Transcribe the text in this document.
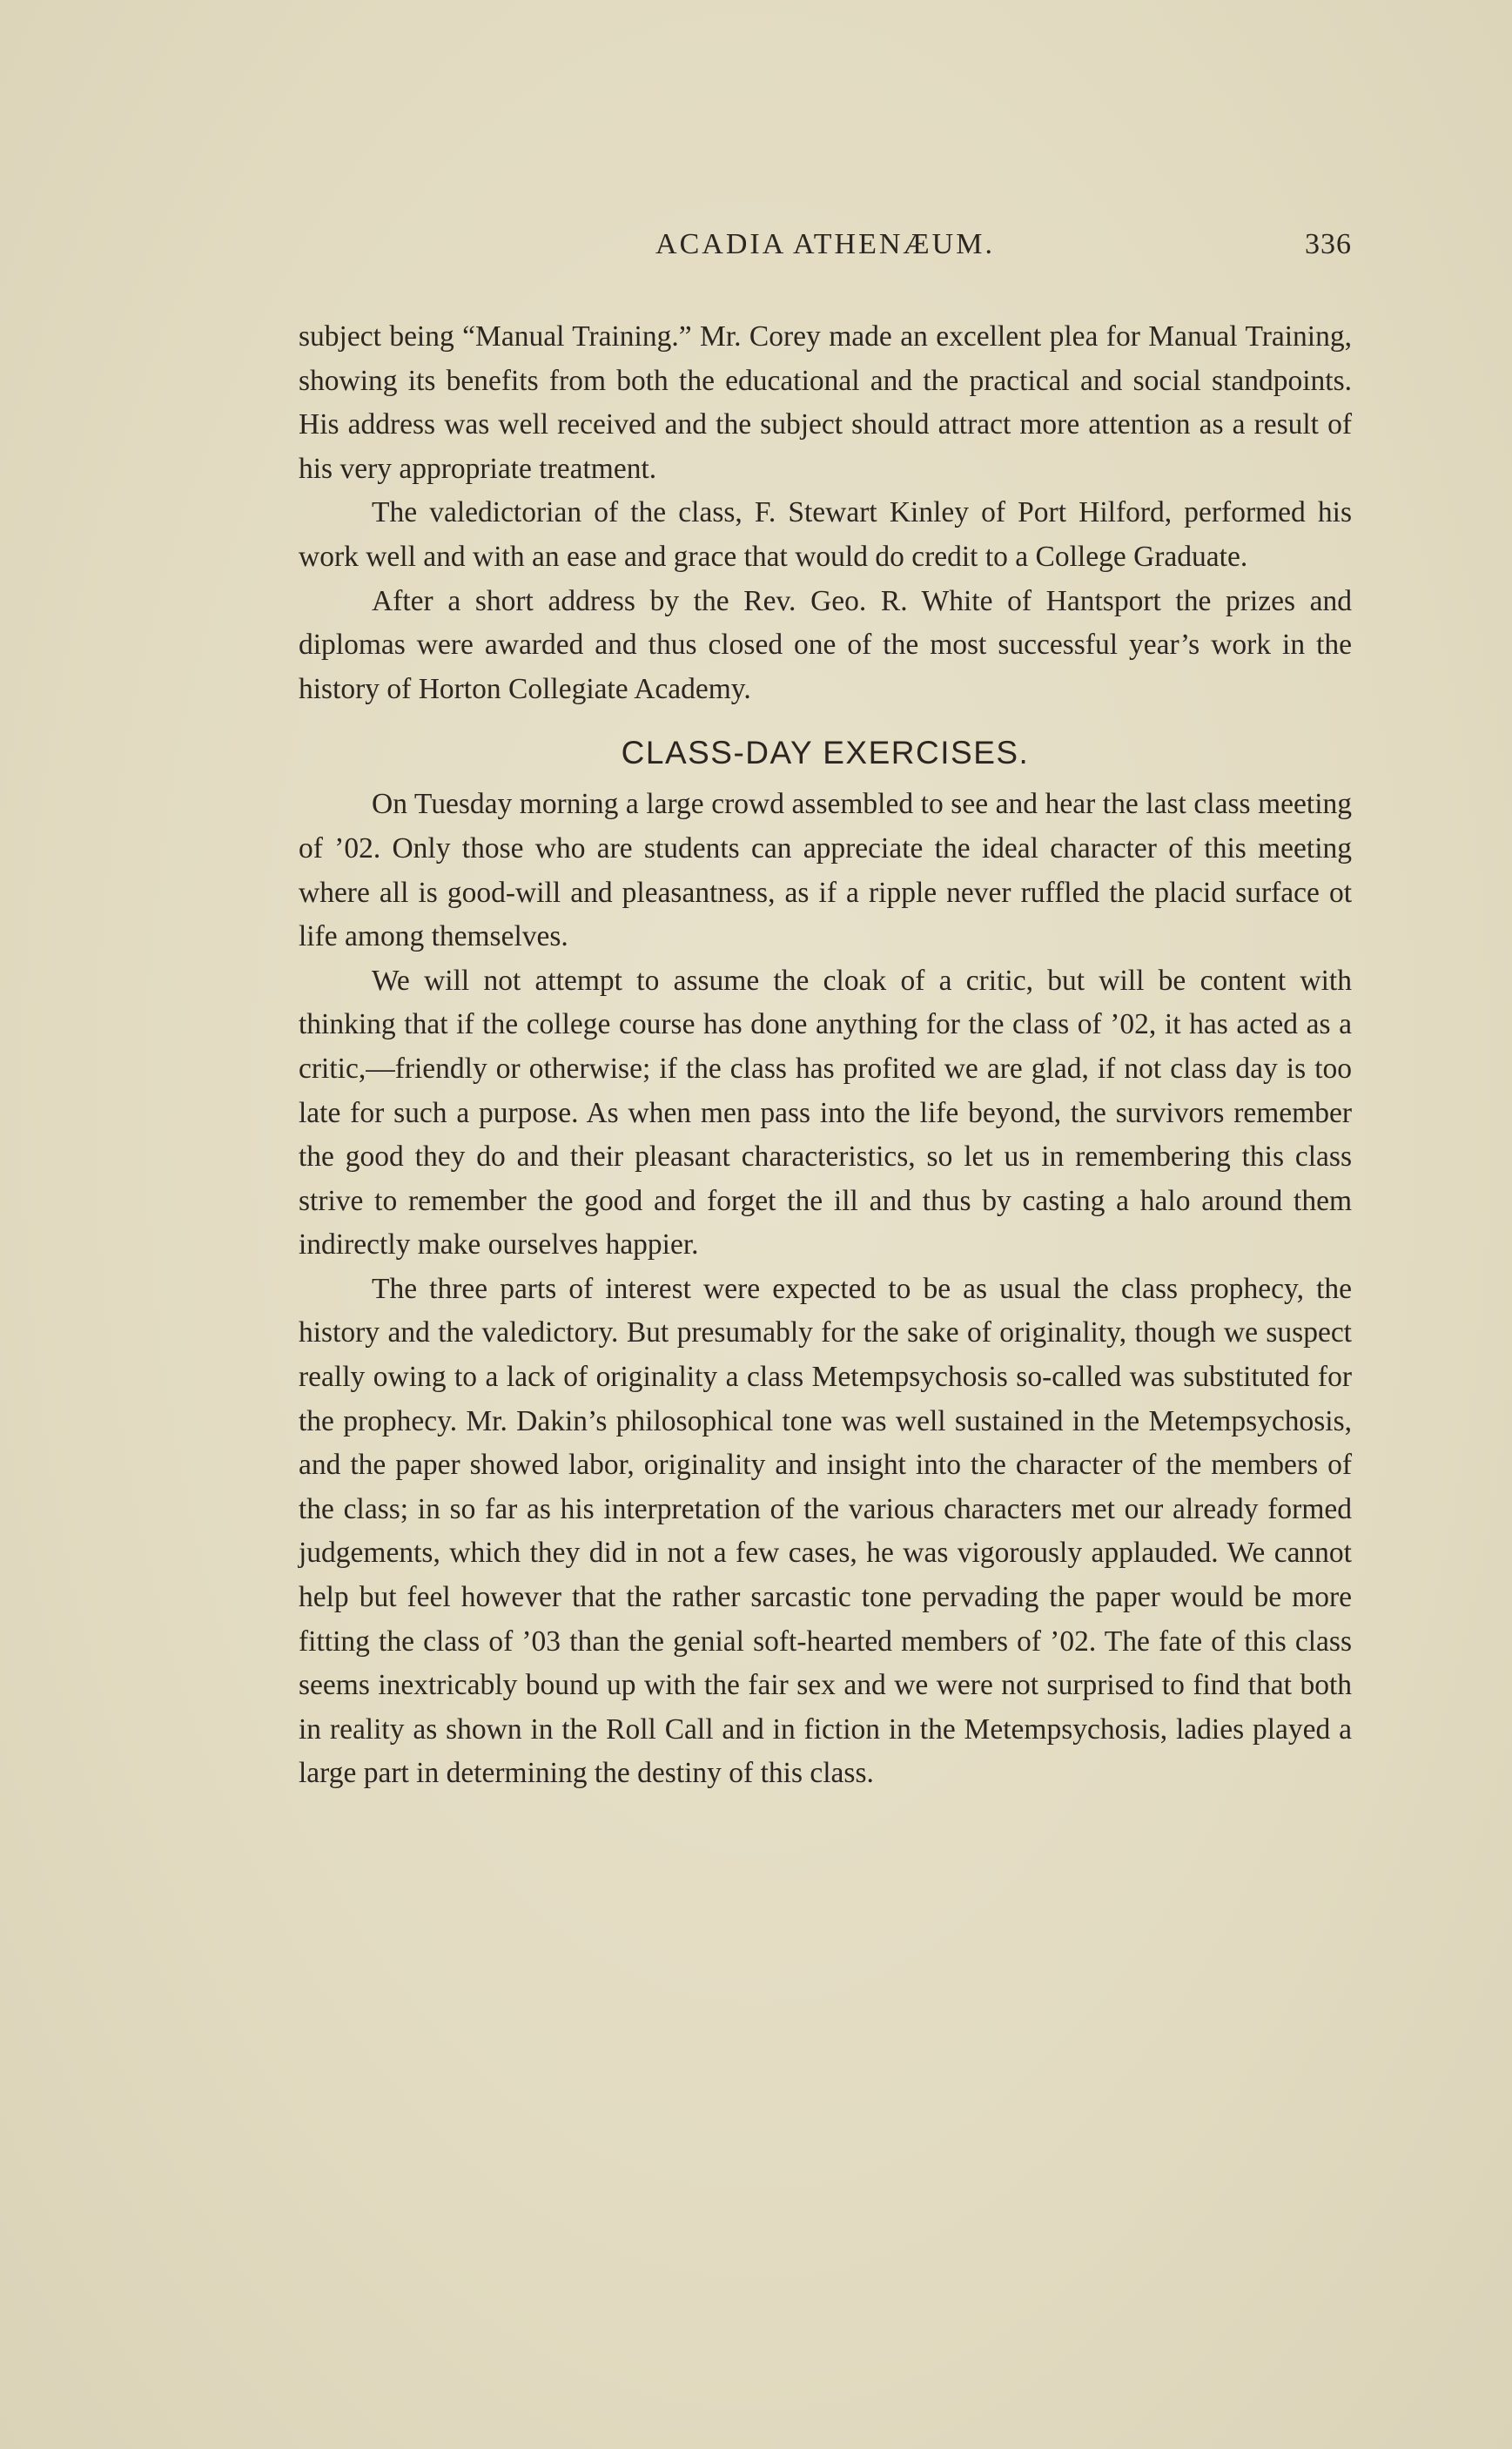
ACADIA ATHENÆUM.	336

subject being “Manual Training.” Mr. Corey made an excellent plea for Manual Training, showing its benefits from both the educational and the practical and social standpoints. His address was well received and the subject should attract more attention as a result of his very appropriate treatment.

The valedictorian of the class, F. Stewart Kinley of Port Hilford, performed his work well and with an ease and grace that would do credit to a College Graduate.

After a short address by the Rev. Geo. R. White of Hantsport the prizes and diplomas were awarded and thus closed one of the most successful year’s work in the history of Horton Collegiate Academy.

CLASS-DAY EXERCISES.

On Tuesday morning a large crowd assembled to see and hear the last class meeting of ’02. Only those who are students can appreciate the ideal character of this meeting where all is good-will and pleasantness, as if a ripple never ruffled the placid surface ot life among themselves.

We will not attempt to assume the cloak of a critic, but will be content with thinking that if the college course has done anything for the class of ’02, it has acted as a critic,—friendly or otherwise; if the class has profited we are glad, if not class day is too late for such a purpose. As when men pass into the life beyond, the survivors remember the good they do and their pleasant characteristics, so let us in remembering this class strive to remember the good and forget the ill and thus by casting a halo around them indirectly make ourselves happier.

The three parts of interest were expected to be as usual the class prophecy, the history and the valedictory. But presumably for the sake of originality, though we suspect really owing to a lack of originality a class Metempsychosis so-called was substituted for the prophecy. Mr. Dakin’s philosophical tone was well sustained in the Metempsychosis, and the paper showed labor, originality and insight into the character of the members of the class; in so far as his interpretation of the various characters met our already formed judgements, which they did in not a few cases, he was vigorously applauded. We cannot help but feel however that the rather sarcastic tone pervading the paper would be more fitting the class of ’03 than the genial soft-hearted members of ’02. The fate of this class seems inextricably bound up with the fair sex and we were not surprised to find that both in reality as shown in the Roll Call and in fiction in the Metempsychosis, ladies played a large part in determining the destiny of this class.
